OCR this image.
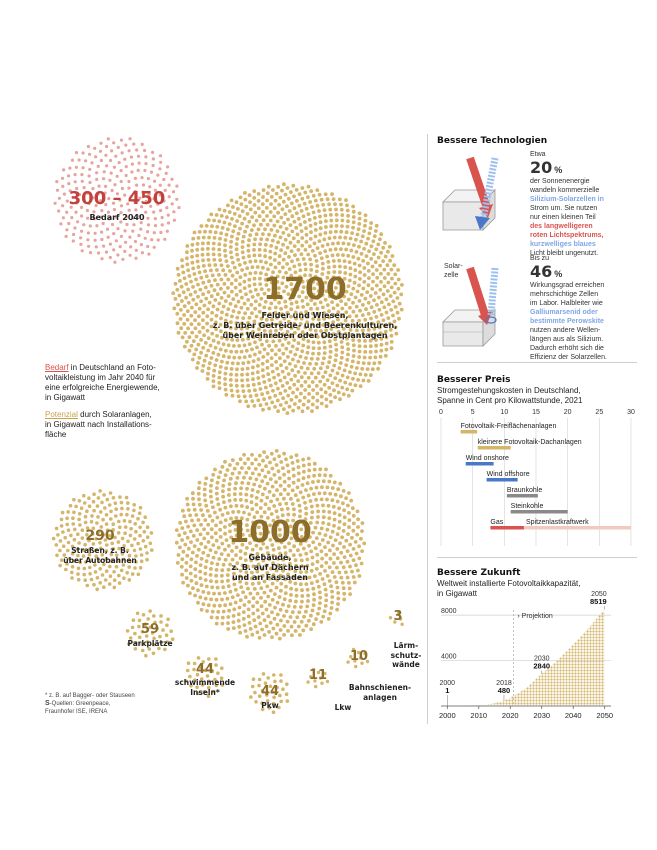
300 – 450
Bedarf 2040
1700
Felder und Wiesen,
z. B. über Getreide- und Beerenkulturen,
über Weinreben oder Obstplantagen
1000
Gebäude,
z. B. auf Dächern
und an Fassaden
290
Straßen, z. B.
über Autobahnen
59
Parkplätze
44
schwimmende
Inseln*	44
Pkw
11
Lkw
10
Bahnschienen-
anlagen
3
Lärm-
schutz-
wände
Bedarf in Deutschland an Foto-
voltaikleistung im Jahr 2040 für
eine erfolgreiche Energiewende,
in Gigawatt
Potenzial durch Solaranlagen,
in Gigawatt nach Installations-
fläche
* z. B. auf Bagger- oder Stauseen
S-Quellen: Greenpeace,
Fraunhofer ISE, IRENA
Bessere Technologien
Solar-
zelle
Etwa
20 %
der Sonnenenergie
wandeln kommerzielle
Silizium-Solarzellen in
Strom um. Sie nutzen
nur einen kleinen Teil
des langwelligeren
roten Lichtspektrums,
kurzwelliges blaues
Licht bleibt ungenutzt.
Bis zu
46 %
Wirkungsgrad erreichen
mehrschichtige Zellen
im Labor. Halbleiter wie
Galliumarsenid oder
bestimmte Perowskite
nutzen andere Wellen-
längen aus als Silizium.
Dadurch erhöht sich die
Effizienz der Solarzellen.
Besserer Preis
Stromgestehungskosten in Deutschland,
Spanne in Cent pro Kilowattstunde, 2021
0	5	10	15	20	25	30
Fotovoltaik-Freiflächenanlagen
kleinere Fotovoltaik-Dachanlagen
Wind onshore
Wind offshore
Braunkohle
Steinkohle
Gas	Spitzenlastkraftwerk
Bessere Zukunft
Weltweit installierte Fotovoltaikkapazität,
in Gigawatt
4000
8000
› Projektion
2000 2010 2020 2030 2040 2050
2000
1
2018
480
2030
2840
2050
8519
